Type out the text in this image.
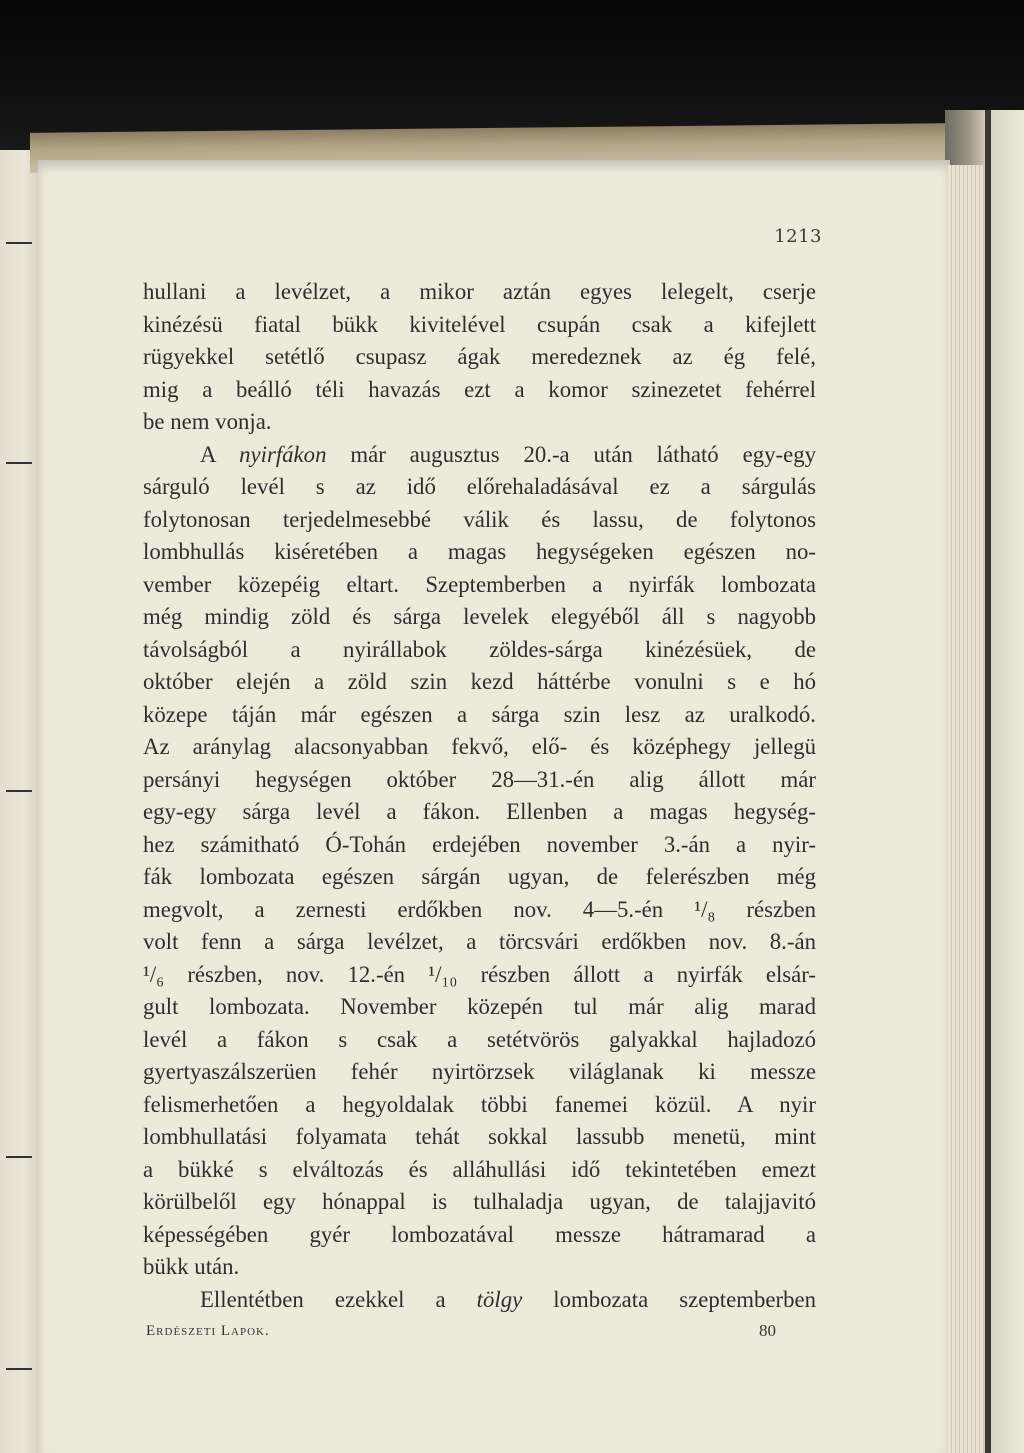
1213
hullani a levélzet, a mikor aztán egyes lelegelt, cserje
kinézésü fiatal bükk kivitelével csupán csak a kifejlett
rügyekkel setétlő csupasz ágak meredeznek az ég felé,
mig a beálló téli havazás ezt a komor szinezetet fehérrel
be nem vonja.
A nyirfákon már augusztus 20.-a után látható egy-egy
sárguló levél s az idő előrehaladásával ez a sárgulás
folytonosan terjedelmesebbé válik és lassu, de folytonos
lombhullás kiséretében a magas hegységeken egészen no-
vember közepéig eltart. Szeptemberben a nyirfák lombozata
még mindig zöld és sárga levelek elegyéből áll s nagyobb
távolságból a nyirállabok zöldes-sárga kinézésüek, de
október elején a zöld szin kezd háttérbe vonulni s e hó
közepe táján már egészen a sárga szin lesz az uralkodó.
Az aránylag alacsonyabban fekvő, elő- és középhegy jellegü
persányi hegységen október 28—31.-én alig állott már
egy-egy sárga levél a fákon. Ellenben a magas hegység-
hez számitható Ó-Tohán erdejében november 3.-án a nyir-
fák lombozata egészen sárgán ugyan, de felerészben még
megvolt, a zernesti erdőkben nov. 4—5.-én ¹/₈ részben
volt fenn a sárga levélzet, a törcsvári erdőkben nov. 8.-án
¹/₆ részben, nov. 12.-én ¹/₁₀ részben állott a nyirfák elsár-
gult lombozata. November közepén tul már alig marad
levél a fákon s csak a setétvörös galyakkal hajladozó
gyertyaszálszerüen fehér nyirtörzsek világlanak ki messze
felismerhetően a hegyoldalak többi fanemei közül. A nyir
lombhullatási folyamata tehát sokkal lassubb menetü, mint
a bükké s elváltozás és alláhullási idő tekintetében emezt
körülbelől egy hónappal is tulhaladja ugyan, de talajjavitó
képességében gyér lombozatával messze hátramarad a
bükk után.
Ellentétben ezekkel a tölgy lombozata szeptemberben
Erdészeti Lapok.	80
